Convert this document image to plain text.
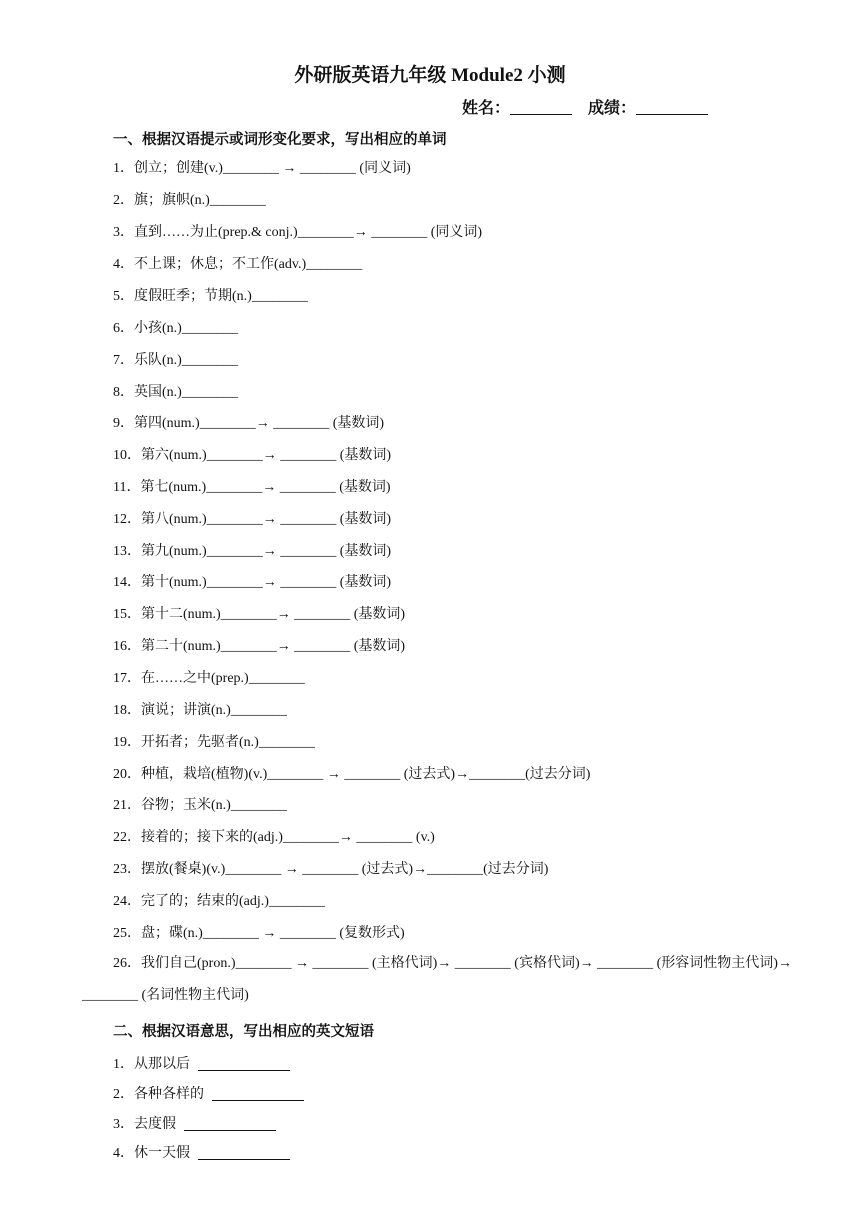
外研版英语九年级 Module2 小测
姓名：	成绩：
一、根据汉语提示或词形变化要求，写出相应的单词
1．创立；创建(v.)________ → ________ (同义词)
2．旗；旗帜(n.)________
3．直到……为止(prep.& conj.)________→ ________ (同义词)
4．不上课；休息；不工作(adv.)________
5．度假旺季；节期(n.)________
6．小孩(n.)________
7．乐队(n.)________
8．英国(n.)________
9．第四(num.)________→ ________ (基数词)
10．第六(num.)________→ ________ (基数词)
11．第七(num.)________→ ________ (基数词)
12．第八(num.)________→ ________ (基数词)
13．第九(num.)________→ ________ (基数词)
14．第十(num.)________→ ________ (基数词)
15．第十二(num.)________→ ________ (基数词)
16．第二十(num.)________→ ________ (基数词)
17．在……之中(prep.)________
18．演说；讲演(n.)________
19．开拓者；先驱者(n.)________
20．种植，栽培(植物)(v.)________ → ________ (过去式)→________(过去分词)
21．谷物；玉米(n.)________
22．接着的；接下来的(adj.)________→ ________ (v.)
23．摆放(餐桌)(v.)________ → ________ (过去式)→________(过去分词)
24．完了的；结束的(adj.)________
25．盘；碟(n.)________ → ________ (复数形式)
26．我们自己(pron.)________ → ________ (主格代词)→ ________ (宾格代词)→ ________ (形容词性物主代词)→ ________ (名词性物主代词)
二、根据汉语意思，写出相应的英文短语
1．从那以后
2．各种各样的
3．去度假
4．休一天假
